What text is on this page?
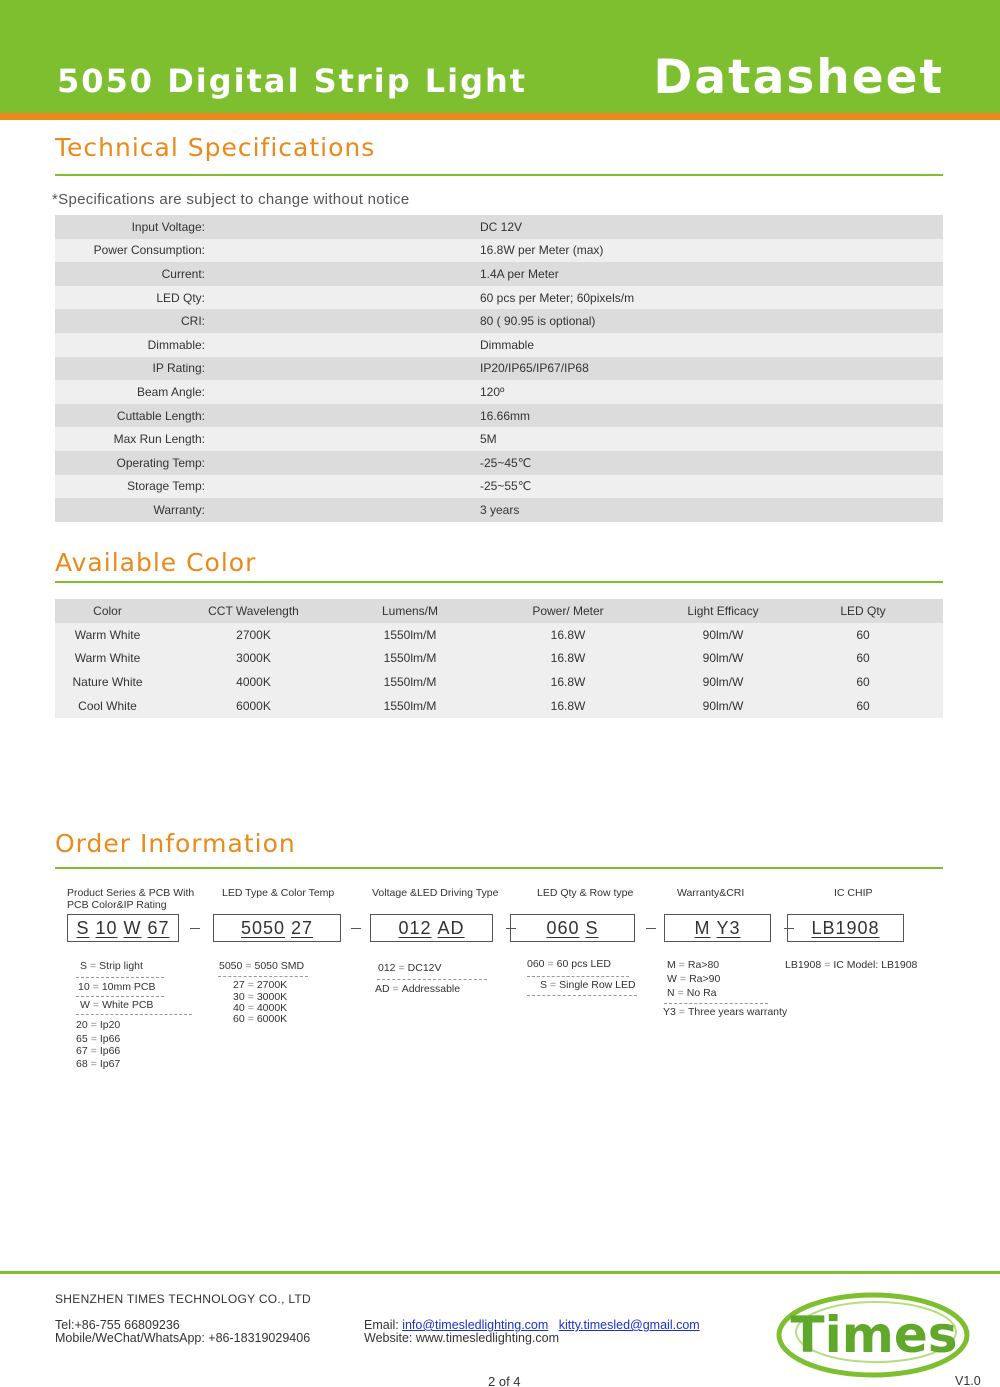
5050 Digital Strip Light	Datasheet
Technical Specifications
*Specifications are subject to change without notice
Input Voltage:	DC 12V
Power Consumption:	16.8W per Meter (max)
Current:	1.4A per Meter
LED Qty:	60 pcs per Meter; 60pixels/m
CRI:	80 ( 90.95 is optional)
Dimmable:	Dimmable
IP Rating:	IP20/IP65/IP67/IP68
Beam Angle:	120º
Cuttable Length:	16.66mm
Max Run Length:	5M
Operating Temp:	-25~45℃
Storage Temp:	-25~55℃
Warranty:	3 years
Available Color
Color	CCT Wavelength	Lumens/M	Power/ Meter	Light Efficacy	LED Qty
Warm White	2700K	1550lm/M	16.8W	90lm/W	60
Warm White	3000K	1550lm/M	16.8W	90lm/W	60
Nature White	4000K	1550lm/M	16.8W	90lm/W	60
Cool White	6000K	1550lm/M	16.8W	90lm/W	60
Order Information
Product Series & PCB With PCB Color&IP Rating
S 10 W 67
LED Type & Color Temp
5050 27
Voltage &LED Driving Type
012 AD
LED Qty & Row type
060 S
Warranty&CRI
M Y3
IC CHIP
LB1908
S = Strip light
10 = 10mm PCB
W = White PCB
20 = Ip20
65 = Ip66
67 = Ip66
68 = Ip67
5050 = 5050 SMD
27 = 2700K
30 = 3000K
40 = 4000K
60 = 6000K
012 = DC12V
AD = Addressable
060 = 60 pcs LED
S = Single Row LED
M = Ra>80
W = Ra>90
N = No Ra
Y3 = Three years warranty
LB1908 = IC Model: LB1908
SHENZHEN TIMES TECHNOLOGY CO., LTD
Tel:+86-755 66809236
Mobile/WeChat/WhatsApp: +86-18319029406
Email: info@timesledlighting.com kitty.timesled@gmail.com
Website: www.timesledlighting.com
2 of 4	V1.0
Times
